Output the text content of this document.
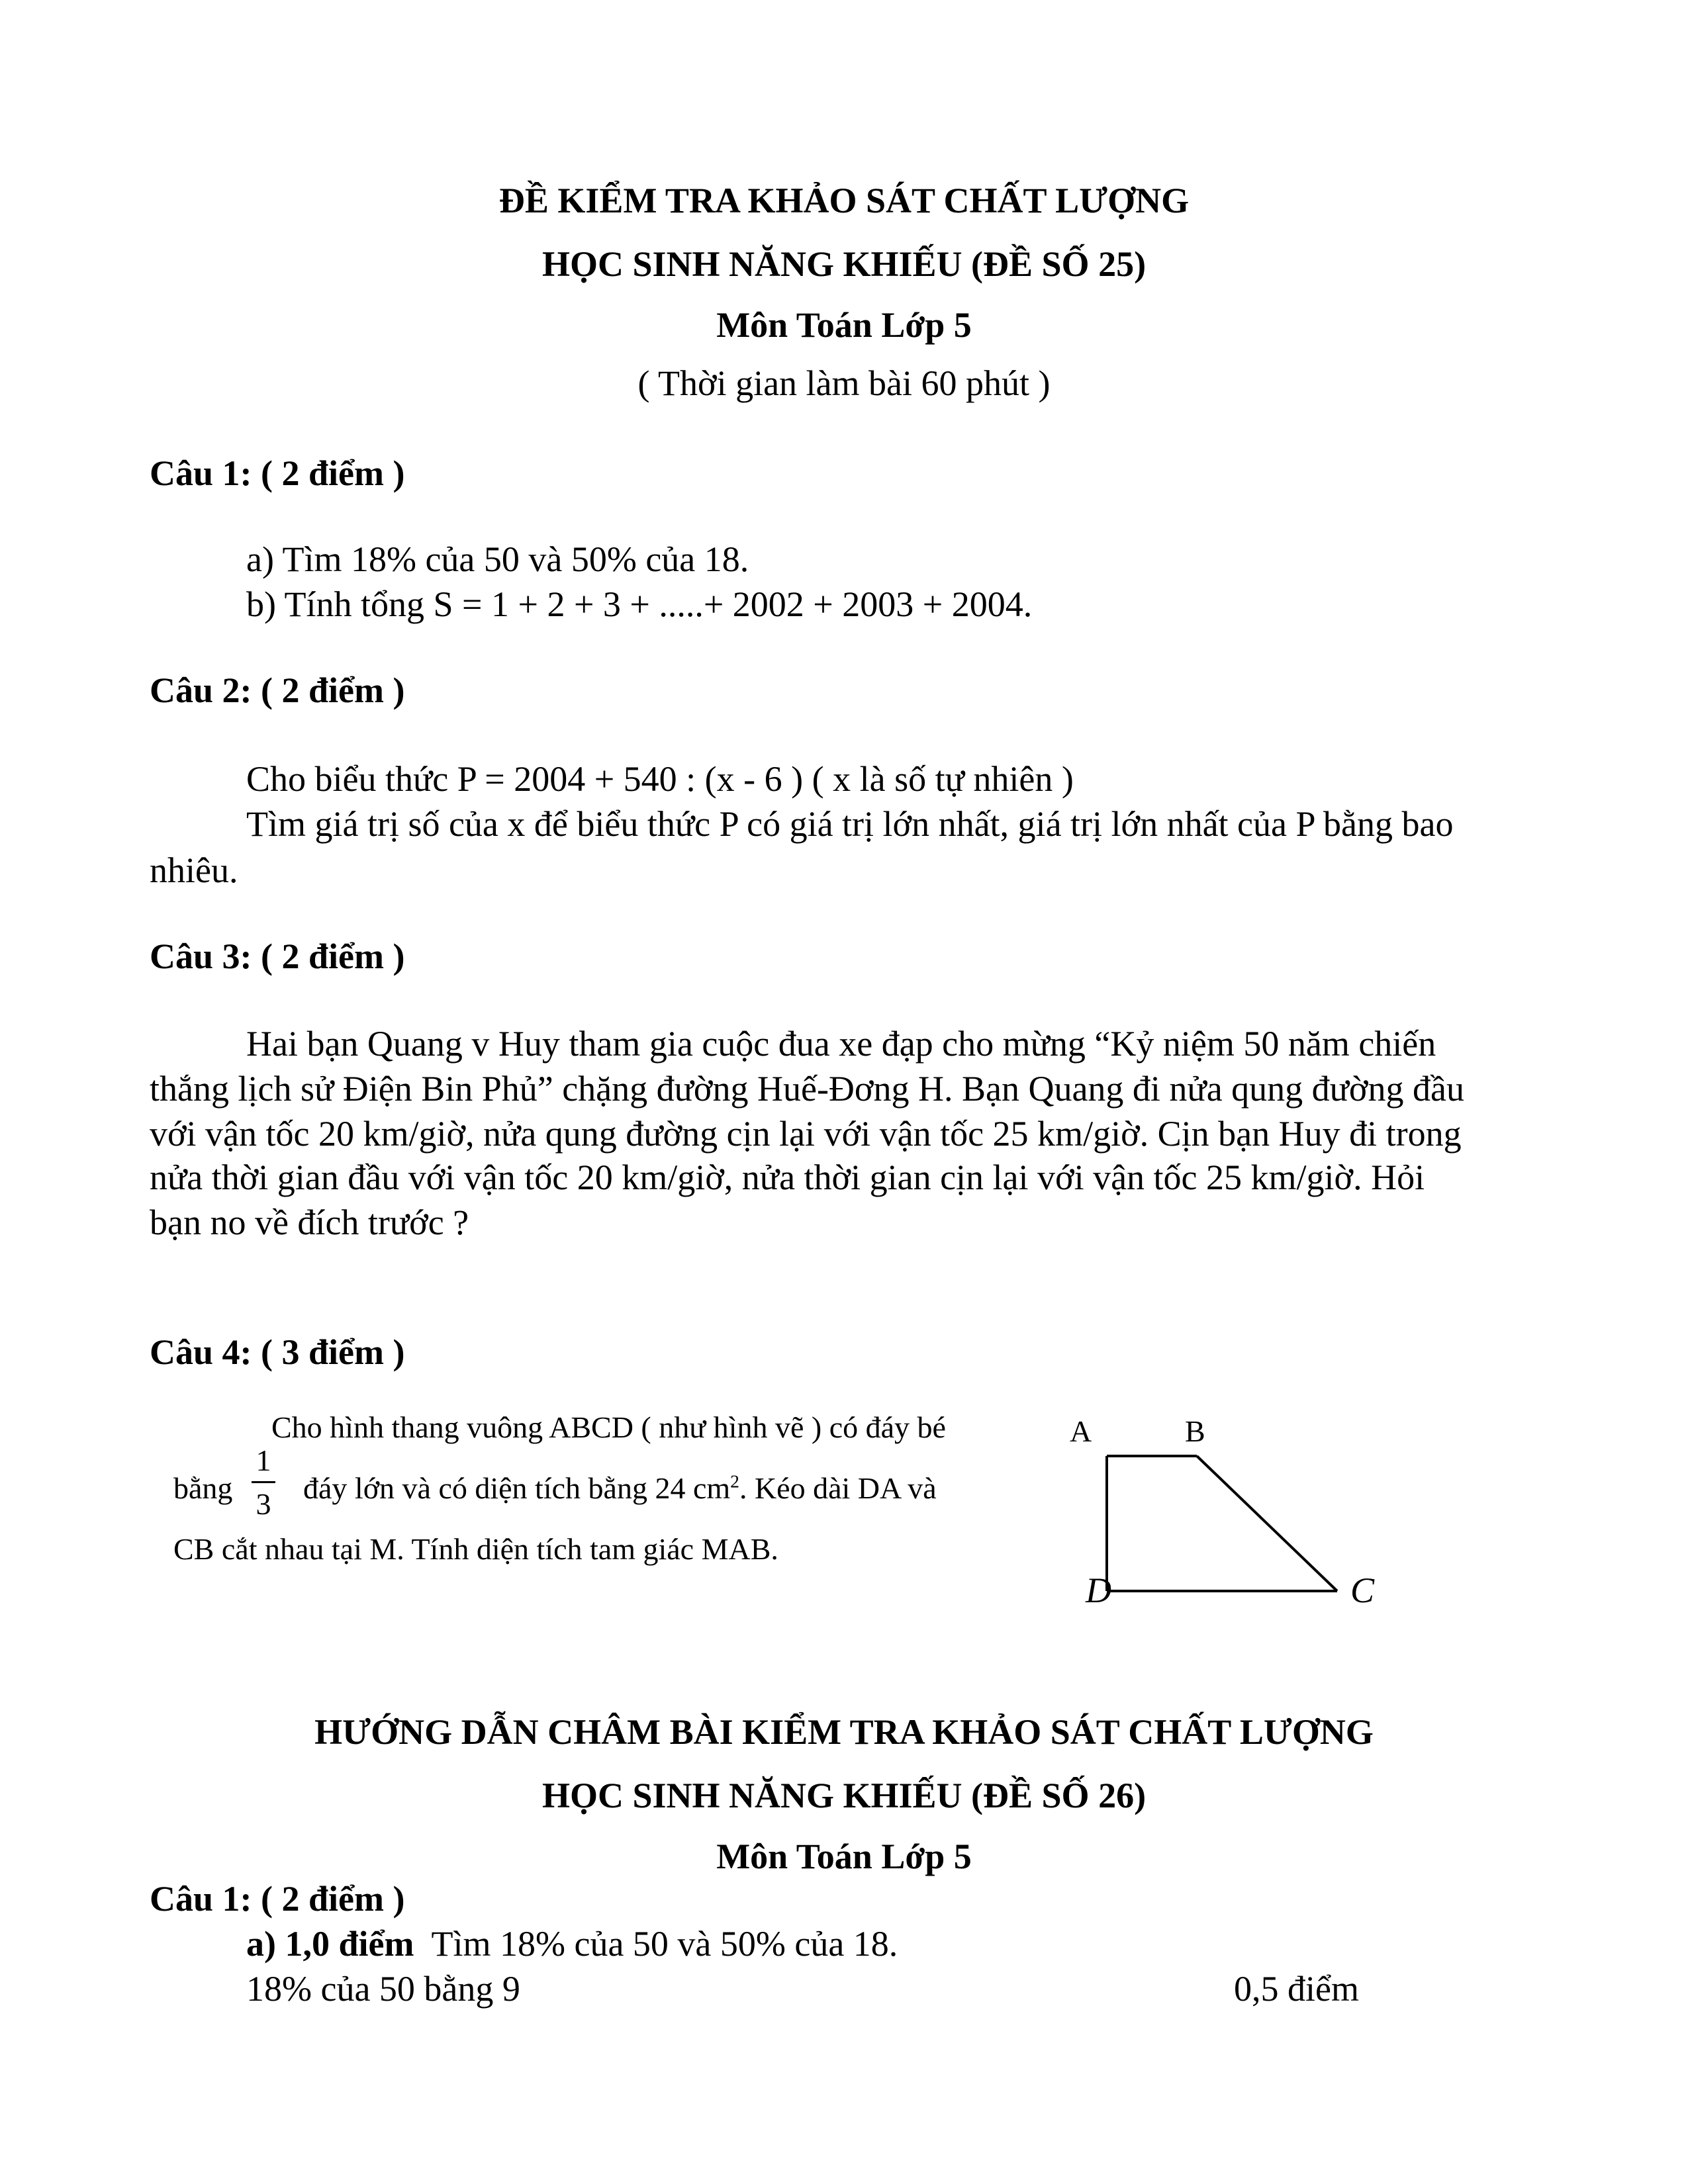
ĐỀ KIỂM TRA KHẢO SÁT CHẤT LƯỢNG
HỌC SINH NĂNG KHIẾU (ĐỀ SỐ 25)
Môn Toán Lớp 5
( Thời gian làm bài 60 phút )
Câu 1: ( 2 điểm )
a) Tìm 18% của 50 và 50% của 18.
b) Tính tổng S = 1 + 2 + 3 + .....+ 2002 + 2003 + 2004.
Câu 2: ( 2 điểm )
Cho biểu thức P = 2004 + 540 : (x - 6 ) ( x là số tự nhiên )
Tìm giá trị số của x để biểu thức P có giá trị lớn nhất, giá trị lớn nhất của P bằng bao
nhiêu.
Câu 3: ( 2 điểm )
Hai bạn Quang v Huy tham gia cuộc đua xe đạp cho mừng “Kỷ niệm 50 năm chiến
thắng lịch sử Điện Bin Phủ” chặng đường Huế-Đơng H. Bạn Quang đi nửa qung đường đầu
với vận tốc 20 km/giờ, nửa qung đường cịn lại với vận tốc 25 km/giờ. Cịn bạn Huy đi trong
nửa thời gian đầu với vận tốc 20 km/giờ, nửa thời gian cịn lại với vận tốc 25 km/giờ. Hỏi
bạn no về đích trước ?
Câu 4: ( 3 điểm )
Cho hình thang vuông ABCD ( như hình vẽ ) có đáy bé
bằng
1
3 đáy lớn và có diện tích bằng 24 $cm^2$. Kéo dài DA và
CB cắt nhau tại M. Tính diện tích tam giác MAB.
A	B
D	C
HƯỚNG DẪN CHÂM BÀI KIỂM TRA KHẢO SÁT CHẤT LƯỢNG
HỌC SINH NĂNG KHIẾU (ĐỀ SỐ 26)
Môn Toán Lớp 5
Câu 1: ( 2 điểm )
a) 1,0 điểm Tìm 18% của 50 và 50% của 18.
18% của 50 bằng 9	0,5 điểm
